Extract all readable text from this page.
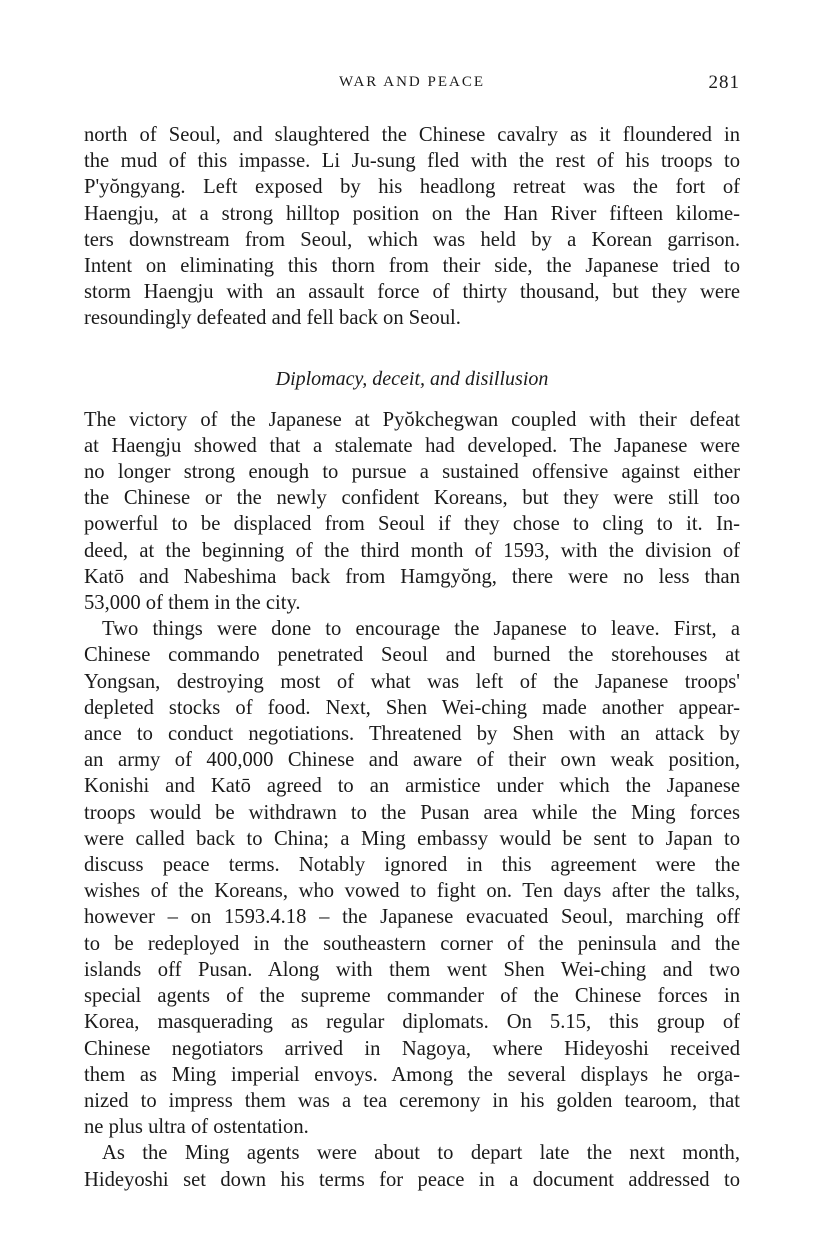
WAR AND PEACE	281
north of Seoul, and slaughtered the Chinese cavalry as it floundered in
the mud of this impasse. Li Ju-sung fled with the rest of his troops to
P'yŏngyang. Left exposed by his headlong retreat was the fort of
Haengju, at a strong hilltop position on the Han River fifteen kilome-
ters downstream from Seoul, which was held by a Korean garrison.
Intent on eliminating this thorn from their side, the Japanese tried to
storm Haengju with an assault force of thirty thousand, but they were
resoundingly defeated and fell back on Seoul.
Diplomacy, deceit, and disillusion
The victory of the Japanese at Pyŏkchegwan coupled with their defeat
at Haengju showed that a stalemate had developed. The Japanese were
no longer strong enough to pursue a sustained offensive against either
the Chinese or the newly confident Koreans, but they were still too
powerful to be displaced from Seoul if they chose to cling to it. In-
deed, at the beginning of the third month of 1593, with the division of
Katō and Nabeshima back from Hamgyŏng, there were no less than
53,000 of them in the city.
Two things were done to encourage the Japanese to leave. First, a
Chinese commando penetrated Seoul and burned the storehouses at
Yongsan, destroying most of what was left of the Japanese troops'
depleted stocks of food. Next, Shen Wei-ching made another appear-
ance to conduct negotiations. Threatened by Shen with an attack by
an army of 400,000 Chinese and aware of their own weak position,
Konishi and Katō agreed to an armistice under which the Japanese
troops would be withdrawn to the Pusan area while the Ming forces
were called back to China; a Ming embassy would be sent to Japan to
discuss peace terms. Notably ignored in this agreement were the
wishes of the Koreans, who vowed to fight on. Ten days after the talks,
however – on 1593.4.18 – the Japanese evacuated Seoul, marching off
to be redeployed in the southeastern corner of the peninsula and the
islands off Pusan. Along with them went Shen Wei-ching and two
special agents of the supreme commander of the Chinese forces in
Korea, masquerading as regular diplomats. On 5.15, this group of
Chinese negotiators arrived in Nagoya, where Hideyoshi received
them as Ming imperial envoys. Among the several displays he orga-
nized to impress them was a tea ceremony in his golden tearoom, that
ne plus ultra of ostentation.
As the Ming agents were about to depart late the next month,
Hideyoshi set down his terms for peace in a document addressed to
